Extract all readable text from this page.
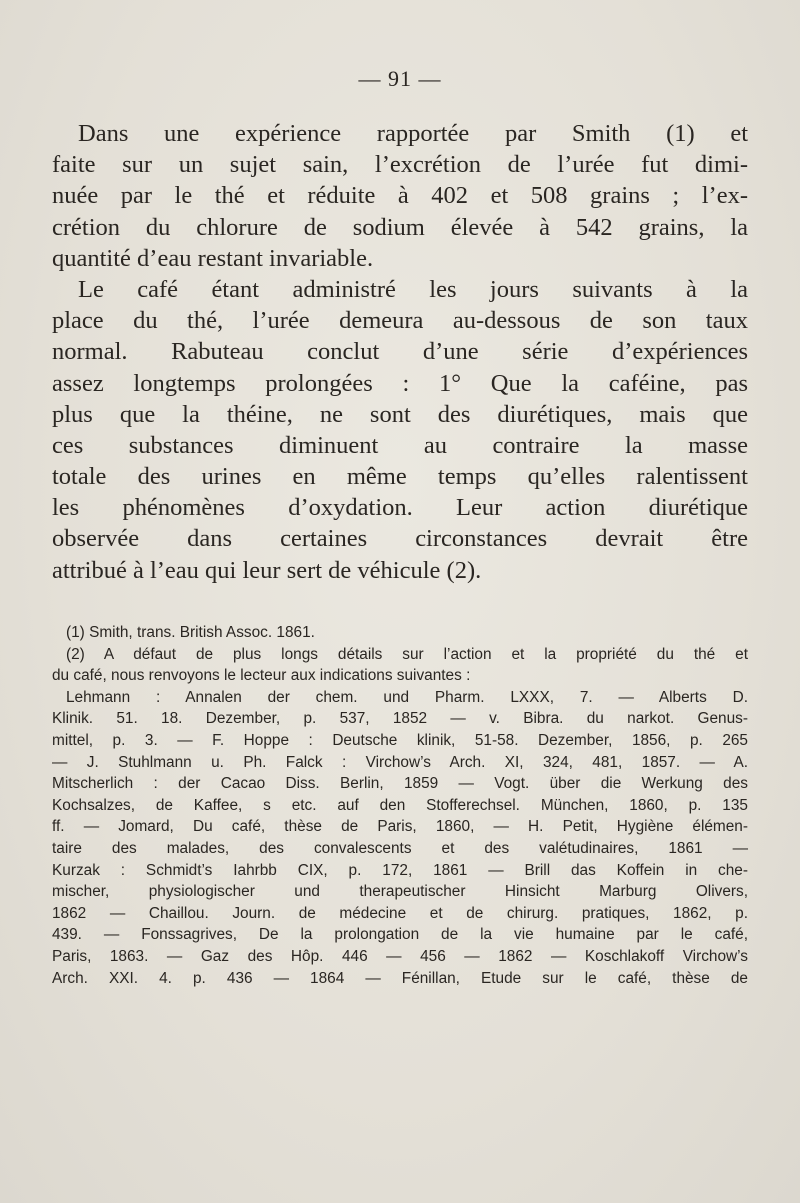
— 91 —
Dans une expérience rapportée par Smith (1) et
faite sur un sujet sain, l’excrétion de l’urée fut dimi-
nuée par le thé et réduite à 402 et 508 grains ; l’ex-
crétion du chlorure de sodium élevée à 542 grains, la
quantité d’eau restant invariable.
Le café étant administré les jours suivants à la
place du thé, l’urée demeura au-dessous de son taux
normal. Rabuteau conclut d’une série d’expériences
assez longtemps prolongées : 1° Que la caféine, pas
plus que la théine, ne sont des diurétiques, mais que
ces substances diminuent au contraire la masse
totale des urines en même temps qu’elles ralentissent
les phénomènes d’oxydation. Leur action diurétique
observée dans certaines circonstances devrait être
attribué à l’eau qui leur sert de véhicule (2).
(1) Smith, trans. British Assoc. 1861.
(2) A défaut de plus longs détails sur l’action et la propriété du thé et
du café, nous renvoyons le lecteur aux indications suivantes :
Lehmann : Annalen der chem. und Pharm. LXXX, 7. — Alberts D.
Klinik. 51. 18. Dezember, p. 537, 1852 — v. Bibra. du narkot. Genus-
mittel, p. 3. — F. Hoppe : Deutsche klinik, 51-58. Dezember, 1856, p. 265
— J. Stuhlmann u. Ph. Falck : Virchow’s Arch. XI, 324, 481, 1857. — A.
Mitscherlich : der Cacao Diss. Berlin, 1859 — Vogt. über die Werkung des
Kochsalzes, de Kaffee, s etc. auf den Stofferechsel. München, 1860, p. 135
ff. — Jomard, Du café, thèse de Paris, 1860, — H. Petit, Hygiène élémen-
taire des malades, des convalescents et des valétudinaires, 1861 —
Kurzak : Schmidt’s Iahrbb CIX, p. 172, 1861 — Brill das Koffein in che-
mischer, physiologischer und therapeutischer Hinsicht Marburg Olivers,
1862 — Chaillou. Journ. de médecine et de chirurg. pratiques, 1862, p.
439. — Fonssagrives, De la prolongation de la vie humaine par le café,
Paris, 1863. — Gaz des Hôp. 446 — 456 — 1862 — Koschlakoff Virchow’s
Arch. XXI. 4. p. 436 — 1864 — Fénillan, Etude sur le café, thèse de
